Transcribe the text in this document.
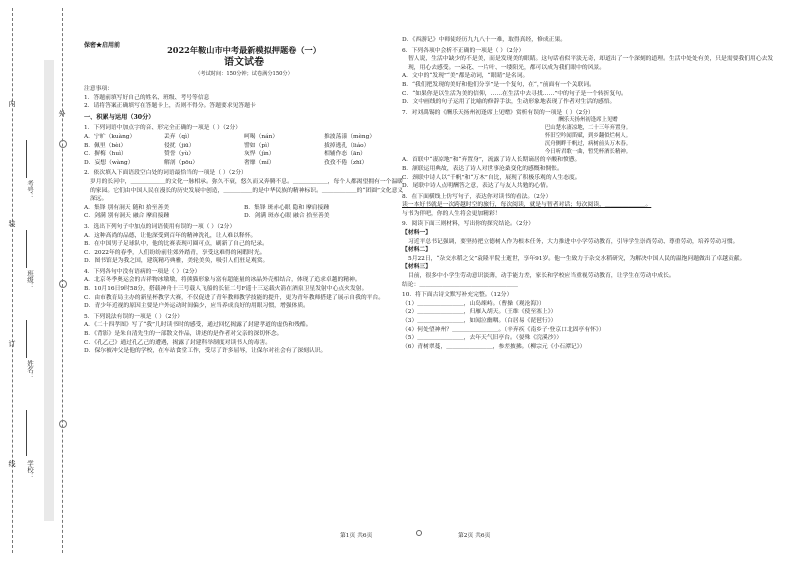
内
装
订
线
外
学校：
姓名：
班级：
考号：
保密★启用前	2022年鞍山市中考最新模拟押题卷（一）
语文试卷
（考试时间：150分钟；试卷满分150分）
注意事项：
1．答题前填写好自己的姓名、班级、考号等信息
2．请将答案正确填写在答题卡上，否则不得分。答题要求见答题卡
一、积累与运用（30分）
1．下列词语中加点字的音、形完全正确的一项是（ ）（2分）
A．宁旷（kuàng）	丢弃（qì）	呵喝（nán）	推波荡漾（mèng）
B．佩里（bèi）	侵扰（jiū）	譬如（pì）	拔掉逃孔（liáo）
C．摒梅（huì）	赞誉（yù）	灰悍（jìn）	相辅作态（ān）
D．妄想（wàng）	解剖（pōu）	奢靡（mǐ）	孜孜不倦（zhī）
2．依次填入下面语段空白处的词语最恰当的一项是（ ）（2分）
岁月的长河中，＿＿＿＿＿＿的文化一脉相承。弥久不衰，悠久而又奔腾不息。＿＿＿＿＿＿，每个人都渴望拥有一个温暖的家园。它们由中国人民在漫长的历史发展中创造，＿＿＿＿＿的是中华民族的精神标识。＿＿＿＿＿＿的“团圆”文化意义深远。
A．集锋 别有洞天 随和 拾至善美	B．集锋 斑赤心眼 隐和 摩肩接踵
C．剑满 别有洞天 融合 摩肩接踵	D．剑满 斑赤心眼 融合 拾至善美
3．选出下列句子中加点的词语使用有误的一项（ ）（2分）
A．这种高尚的品德，让他深受到百年的精神洗礼，让人难以释怀。
B．在中国男子足球队中，他的比赛表现可圈可点，刷新了自己的纪录。
C．2022年的春季，人们纷纷前往郊外踏青，享受这难得的闲暇时光。
D．图书馆是为我之国，建筑精巧典雅，美轮美奂，吸引人们驻足观赏。
4．下列各句中没有语病的一项是（ ）（2分）
A．北京冬季奥运会的吉祥物冰墩墩，将熊猫形象与富有超能量的冰晶外壳相结合，体现了追求卓越的精神。
B．10月16日9时58分，搭载神舟十三号载人飞船的长征二号F遥十三运载火箭在酒泉卫星发射中心点火发射。
C．由市教育局主办的新星杯教学大赛，不仅促进了青年教师教学技能的提升，更为青年教师搭建了展示自我的平台。
D．青少年近视的原因主要是户外运动时间偏少，应当养成良好的用眼习惯，增强体质。
5．下列说法有误的一项是（ ）（2分）
A．《二十四孝图》写了“我”儿时读书时的感受，通过回忆揭露了封建孝道的虚伪和残酷。
B．《背影》是朱自清先生的一部散文作品，讲述的是作者对父亲的深切怀念。
C．《孔乙己》通过孔乙己的遭遇，揭露了封建科举制度对读书人的毒害。
D．保尔被冲父是他的学校，在车站食堂工作，受尽了许多屈辱，让保尔对社会有了深刻认识。
D．《西游记》中师徒经历九九八十一难，取得真经，修成正果。
6．下列各项中会析不正确的一项是（ ）（2分）
智人说，生活中缺少的不是美，而是发现美的眼睛。这句话看似平淡无奇，却道出了一个深刻的道理。生活中处处有美，只是需要我们用心去发现，用心去感受。一朵花、一片叶、一缕阳光，都可以成为我们眼中的风景。
A．文中的“发现”“美”都是动词，“眼睛”是名词。
B．“我们把发现的美好和他们分享”是一个复句，在“，”前面有一个关联词。
C．“如果你是以生活为美的信仰，……在生活中去寻找……”中的句子是一个转折复句。
D．文中画线的句子运用了比喻的修辞手法，生动形象地表现了作者对生活的感悟。
7．对刘禹锡的《酬乐天扬州初逢席上见赠》赏析有误的一项是（ ）（2分）
酬乐天扬州初逢席上见赠
巴山楚水凄凉地，二十三年弃置身。
怀旧空吟闻笛赋，到乡翻似烂柯人。
沉舟侧畔千帆过，病树前头万木春。
今日听君歌一曲，暂凭杯酒长精神。
A．首联中“凄凉地”和“弃置身”，流露了诗人长期谪居的辛酸和愤懑。
B．颔联运用典故，表达了诗人对世事沧桑变化的感慨和惆怅。
C．颈联中诗人以“千帆”和“万木”自比，展现了积极乐观的人生态度。
D．尾联中诗人点明酬答之意，表达了与友人共勉的心情。
8．在下面横线上仿写句子，表达你对读书的看法。（2分）
读一本好书就是一次跨越时空的旅行，每次阅读，就是与智者对话；每次阅读，＿＿＿＿＿＿＿。
与书为伴吧，你的人生将会更加精彩！
9．阅读下面三则材料，写出你的探究结论。（2分）
【材料一】
习近平总书记强调，要坚持把立德树人作为根本任务，大力推进中小学劳动教育，引导学生崇尚劳动、尊重劳动，培养劳动习惯。
【材料二】
5月22日，“杂交水稻之父”袁隆平院士逝世，享年91岁。他一生致力于杂交水稻研究，为解决中国人民的温饱问题做出了卓越贡献。
【材料三】
目前，很多中小学生劳动意识淡薄，动手能力差，家长和学校应当重视劳动教育，让学生在劳动中成长。
结论：＿＿＿＿＿＿＿＿＿＿＿＿＿＿＿＿＿
10．将下面古诗文默写补充完整。（12分）
（1）＿＿＿＿＿＿＿＿，山岛竦峙。（曹操《观沧海》）
（2）＿＿＿＿＿＿＿＿，归雁入胡天。（王维《使至塞上》）
（3）＿＿＿＿＿＿＿＿，如闻泣幽咽。（白居易《琵琶行》）
（4）何处望神州？＿＿＿＿＿＿＿＿。（辛弃疾《南乡子·登京口北固亭有怀》）
（5）＿＿＿＿＿＿＿＿，去年天气旧亭台。（晏殊《浣溪沙》）
（6）青树翠蔓，＿＿＿＿＿＿＿＿，参差披拂。（柳宗元《小石潭记》）
第1页 共6页	第2页 共6页
